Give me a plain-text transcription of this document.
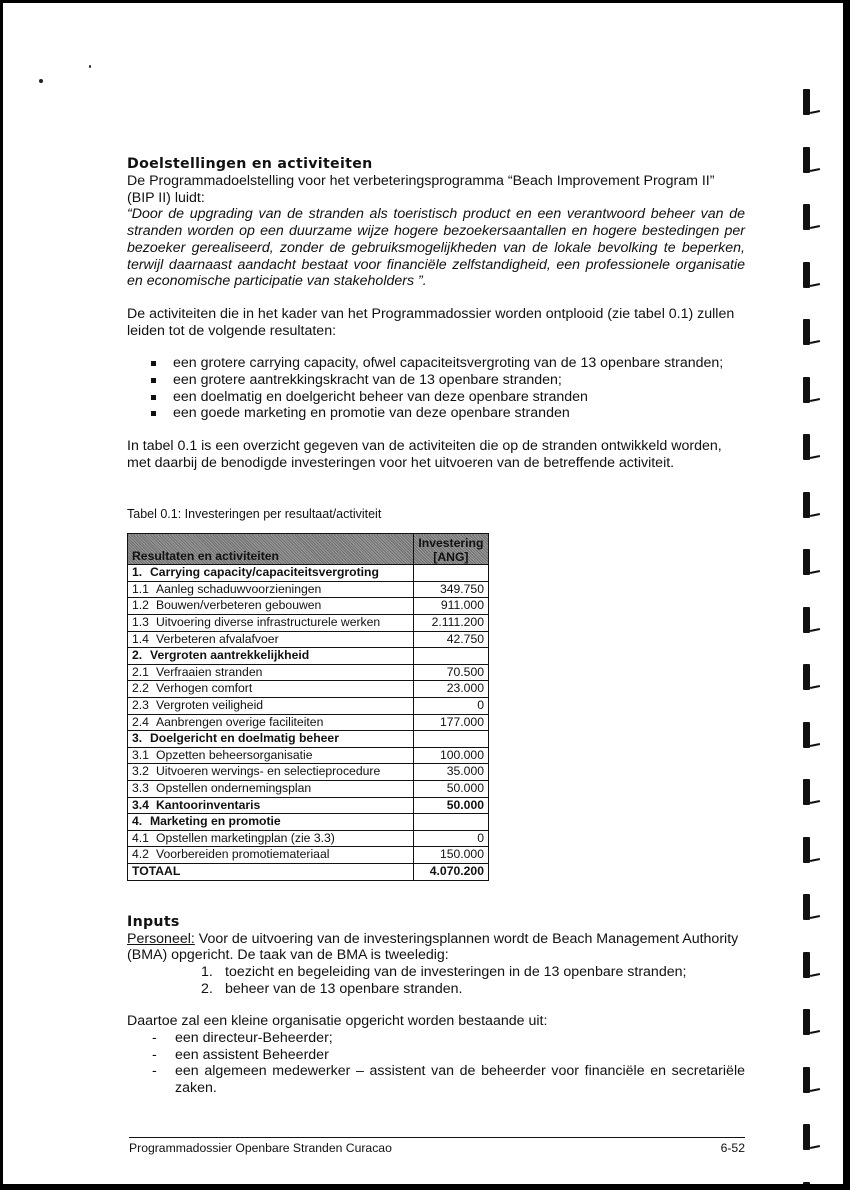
Doelstellingen en activiteiten

De Programmadoelstelling voor het verbeteringsprogramma “Beach Improvement Program II” (BIP II) luidt:

“Door de upgrading van de stranden als toeristisch product en een verantwoord beheer van de stranden worden op een duurzame wijze hogere bezoekersaantallen en hogere bestedingen per bezoeker gerealiseerd, zonder de gebruiksmogelijkheden van de lokale bevolking te beperken, terwijl daarnaast aandacht bestaat voor financiële zelfstandigheid, een professionele organisatie en economische participatie van stakeholders ”.

De activiteiten die in het kader van het Programmadossier worden ontplooid (zie tabel 0.1) zullen leiden tot de volgende resultaten:

een grotere carrying capacity, ofwel capaciteitsvergroting van de 13 openbare stranden;
een grotere aantrekkingskracht van de 13 openbare stranden;
een doelmatig en doelgericht beheer van deze openbare stranden
een goede marketing en promotie van deze openbare stranden

In tabel 0.1 is een overzicht gegeven van de activiteiten die op de stranden ontwikkeld worden, met daarbij de benodigde investeringen voor het uitvoeren van de betreffende activiteit.

Tabel 0.1: Investeringen per resultaat/activiteit

Resultaten en activiteiten	Investering
[ANG]
1. Carrying capacity/capaciteitsvergroting	
1.1 Aanleg schaduwvoorzieningen	349.750
1.2 Bouwen/verbeteren gebouwen	911.000
1.3 Uitvoering diverse infrastructurele werken	2.111.200
1.4 Verbeteren afvalafvoer	42.750
2. Vergroten aantrekkelijkheid	
2.1 Verfraaien stranden	70.500
2.2 Verhogen comfort	23.000
2.3 Vergroten veiligheid	0
2.4 Aanbrengen overige faciliteiten	177.000
3. Doelgericht en doelmatig beheer	
3.1 Opzetten beheersorganisatie	100.000
3.2 Uitvoeren wervings- en selectieprocedure	35.000
3.3 Opstellen ondernemingsplan	50.000
3.4 Kantoorinventaris	50.000
4. Marketing en promotie	
4.1 Opstellen marketingplan (zie 3.3)	0
4.2 Voorbereiden promotiemateriaal	150.000
TOTAAL	4.070.200
Inputs

Personeel: Voor de uitvoering van de investeringsplannen wordt de Beach Management Authority (BMA) opgericht. De taak van de BMA is tweeledig:

1. toezicht en begeleiding van de investeringen in de 13 openbare stranden;
2. beheer van de 13 openbare stranden.

Daartoe zal een kleine organisatie opgericht worden bestaande uit:

- een directeur-Beheerder;
- een assistent Beheerder
- een algemeen medewerker – assistent van de beheerder voor financiële en secretariële zaken.
Programmadossier Openbare Stranden Curacao	6-52
